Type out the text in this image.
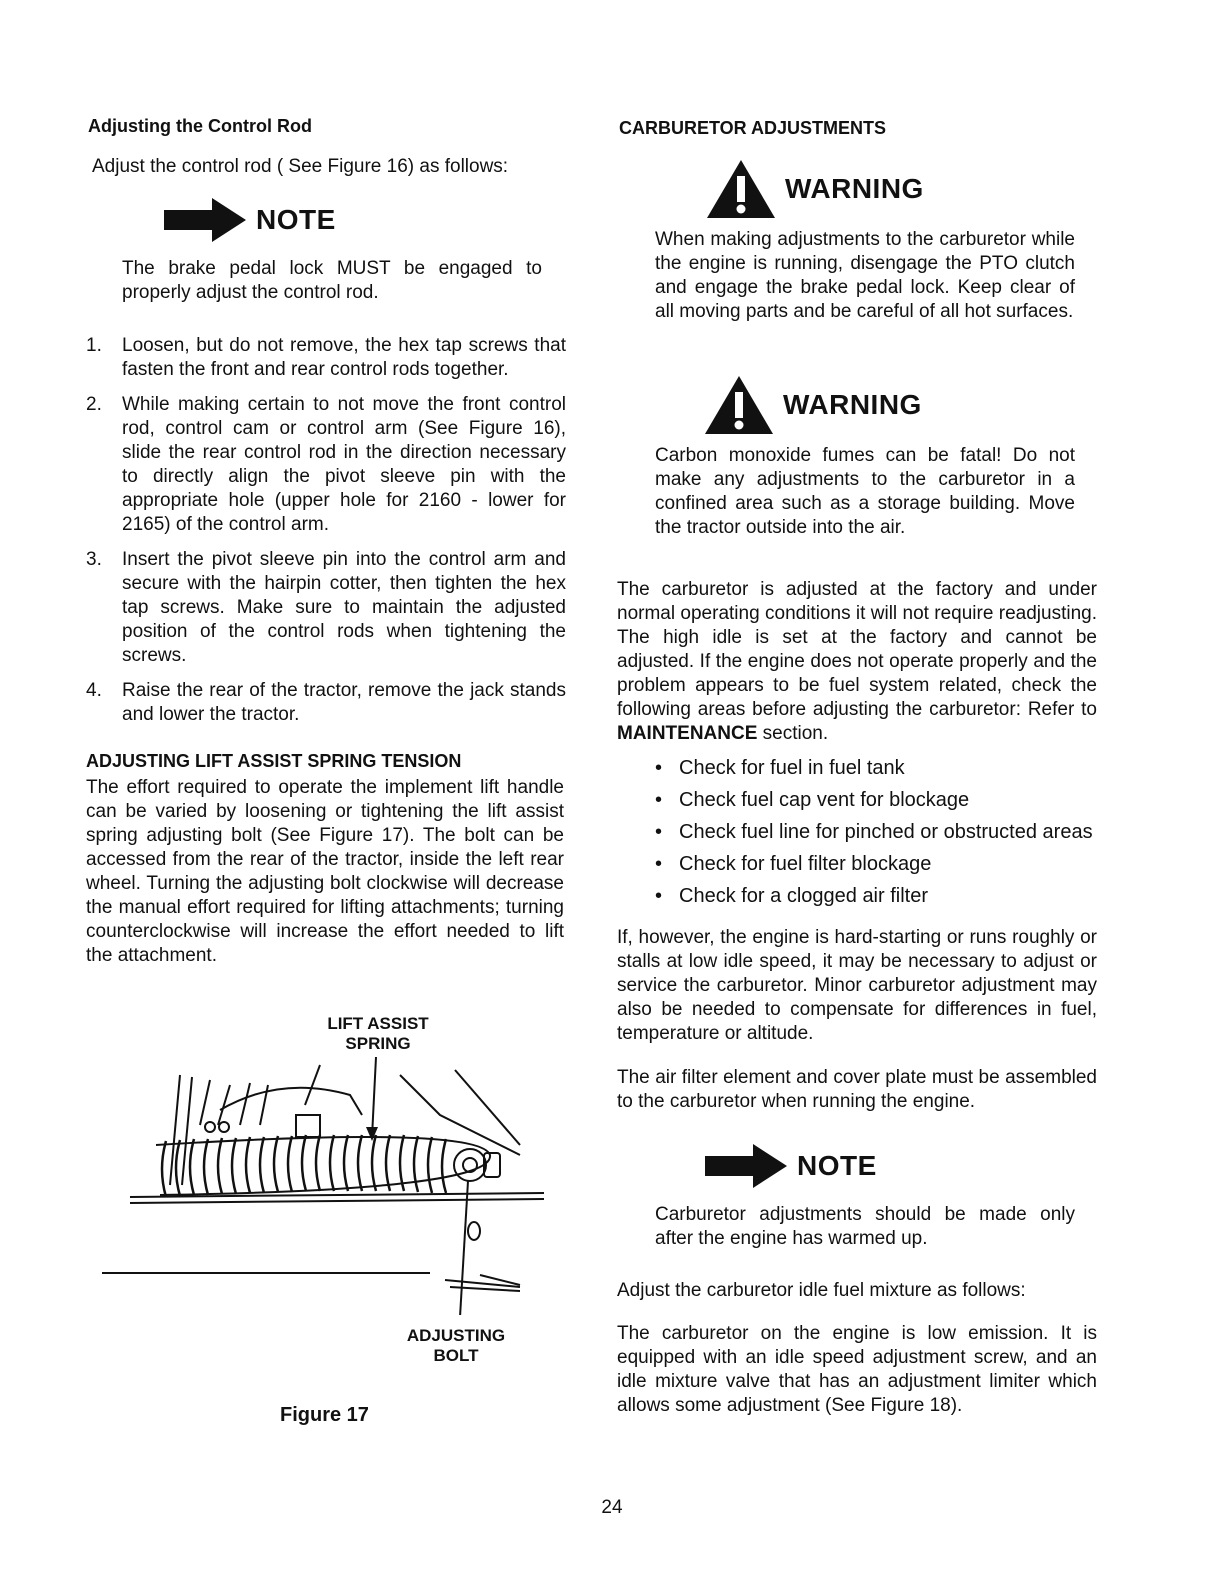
Adjusting the Control Rod
Adjust the control rod ( See Figure 16) as follows:
NOTE
The brake pedal lock MUST be engaged to properly adjust the control rod.
1. Loosen, but do not remove, the hex tap screws that fasten the front and rear control rods together.
2. While making certain to not move the front control rod, control cam or control arm (See Figure 16), slide the rear control rod in the direction necessary to directly align the pivot sleeve pin with the appropriate hole (upper hole for 2160 - lower for 2165) of the control arm.
3. Insert the pivot sleeve pin into the control arm and secure with the hairpin cotter, then tighten the hex tap screws. Make sure to maintain the adjusted position of the control rods when tightening the screws.
4. Raise the rear of the tractor, remove the jack stands and lower the tractor.
ADJUSTING LIFT ASSIST SPRING TENSION
The effort required to operate the implement lift handle can be varied by loosening or tightening the lift assist spring adjusting bolt (See Figure 17). The bolt can be accessed from the rear of the tractor, inside the left rear wheel. Turning the adjusting bolt clockwise will decrease the manual effort required for lifting attachments; turning counterclockwise will increase the effort needed to lift the attachment.
LIFT ASSIST
SPRING
ADJUSTING
BOLT
Figure 17
CARBURETOR ADJUSTMENTS
WARNING
When making adjustments to the carburetor while the engine is running, disengage the PTO clutch and engage the brake pedal lock. Keep clear of all moving parts and be careful of all hot surfaces.
WARNING
Carbon monoxide fumes can be fatal! Do not make any adjustments to the carburetor in a confined area such as a storage building. Move the tractor outside into the air.

The carburetor is adjusted at the factory and under normal operating conditions it will not require readjusting. The high idle is set at the factory and cannot be adjusted. If the engine does not operate properly and the problem appears to be fuel system related, check the following areas before adjusting the carburetor: Refer to MAINTENANCE section.

• Check for fuel in fuel tank
• Check fuel cap vent for blockage
• Check fuel line for pinched or obstructed areas
• Check for fuel filter blockage
• Check for a clogged air filter
If, however, the engine is hard-starting or runs roughly or stalls at low idle speed, it may be necessary to adjust or service the carburetor. Minor carburetor adjustment may also be needed to compensate for differences in fuel, temperature or altitude.
The air filter element and cover plate must be assembled to the carburetor when running the engine.
NOTE
Carburetor adjustments should be made only after the engine has warmed up.
Adjust the carburetor idle fuel mixture as follows:
The carburetor on the engine is low emission. It is equipped with an idle speed adjustment screw, and an idle mixture valve that has an adjustment limiter which allows some adjustment (See Figure 18).
24
